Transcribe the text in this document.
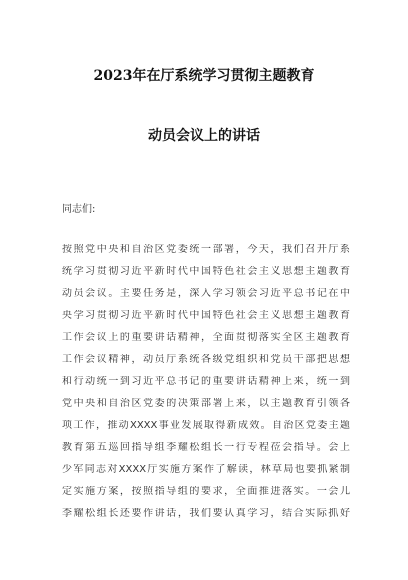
2023年在厅系统学习贯彻主题教育
动员会议上的讲话
同志们:
按照党中央和自治区党委统一部署，今天，我们召开厅系
统学习贯彻习近平新时代中国特色社会主义思想主题教育
动员会议。主要任务是，深入学习领会习近平总书记在中
央学习贯彻习近平新时代中国特色社会主义思想主题教育
工作会议上的重要讲话精神，全面贯彻落实全区主题教育
工作会议精神，动员厅系统各级党组织和党员干部把思想
和行动统一到习近平总书记的重要讲话精神上来，统一到
党中央和自治区党委的决策部署上来，以主题教育引领各
项工作，推动XXXX事业发展取得新成效。自治区党委主题
教育第五巡回指导组李耀松组长一行专程莅会指导。会上
少军同志对XXXX厅实施方案作了解读，林草局也要抓紧制
定实施方案，按照指导组的要求，全面推进落实。一会儿
李耀松组长还要作讲话，我们要认真学习，结合实际抓好
